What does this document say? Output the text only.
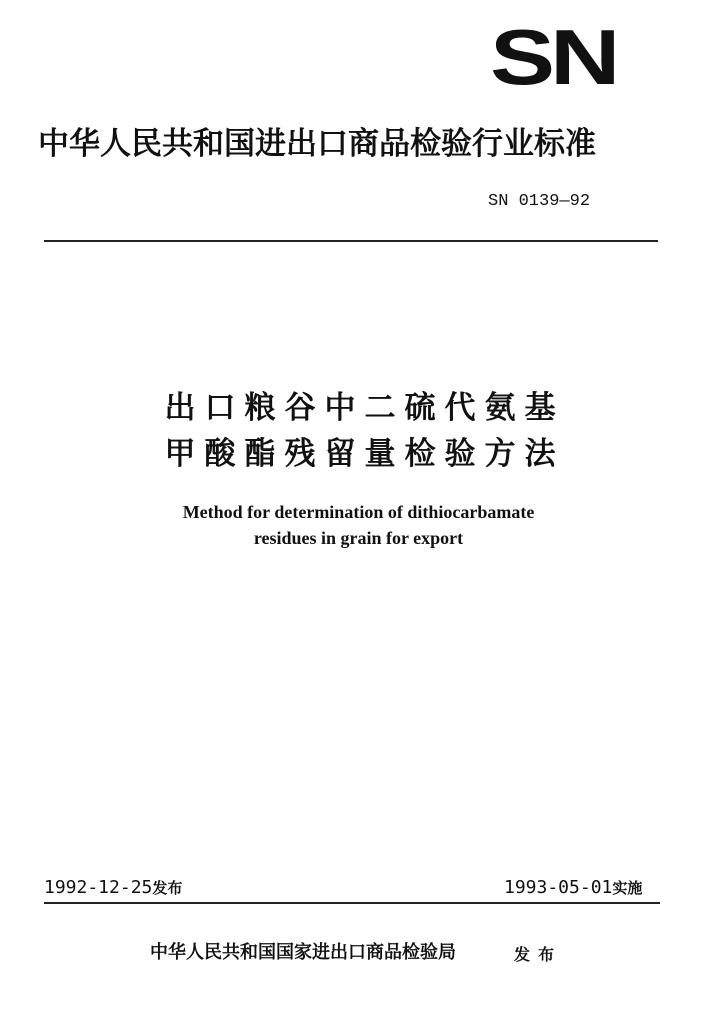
SN
中华人民共和国进出口商品检验行业标准
SN 0139—92
出口粮谷中二硫代氨基
甲酸酯残留量检验方法
Method for determination of dithiocarbamate
residues in grain for export
1992-12-25发布	1993-05-01实施
中华人民共和国国家进出口商品检验局	发布
